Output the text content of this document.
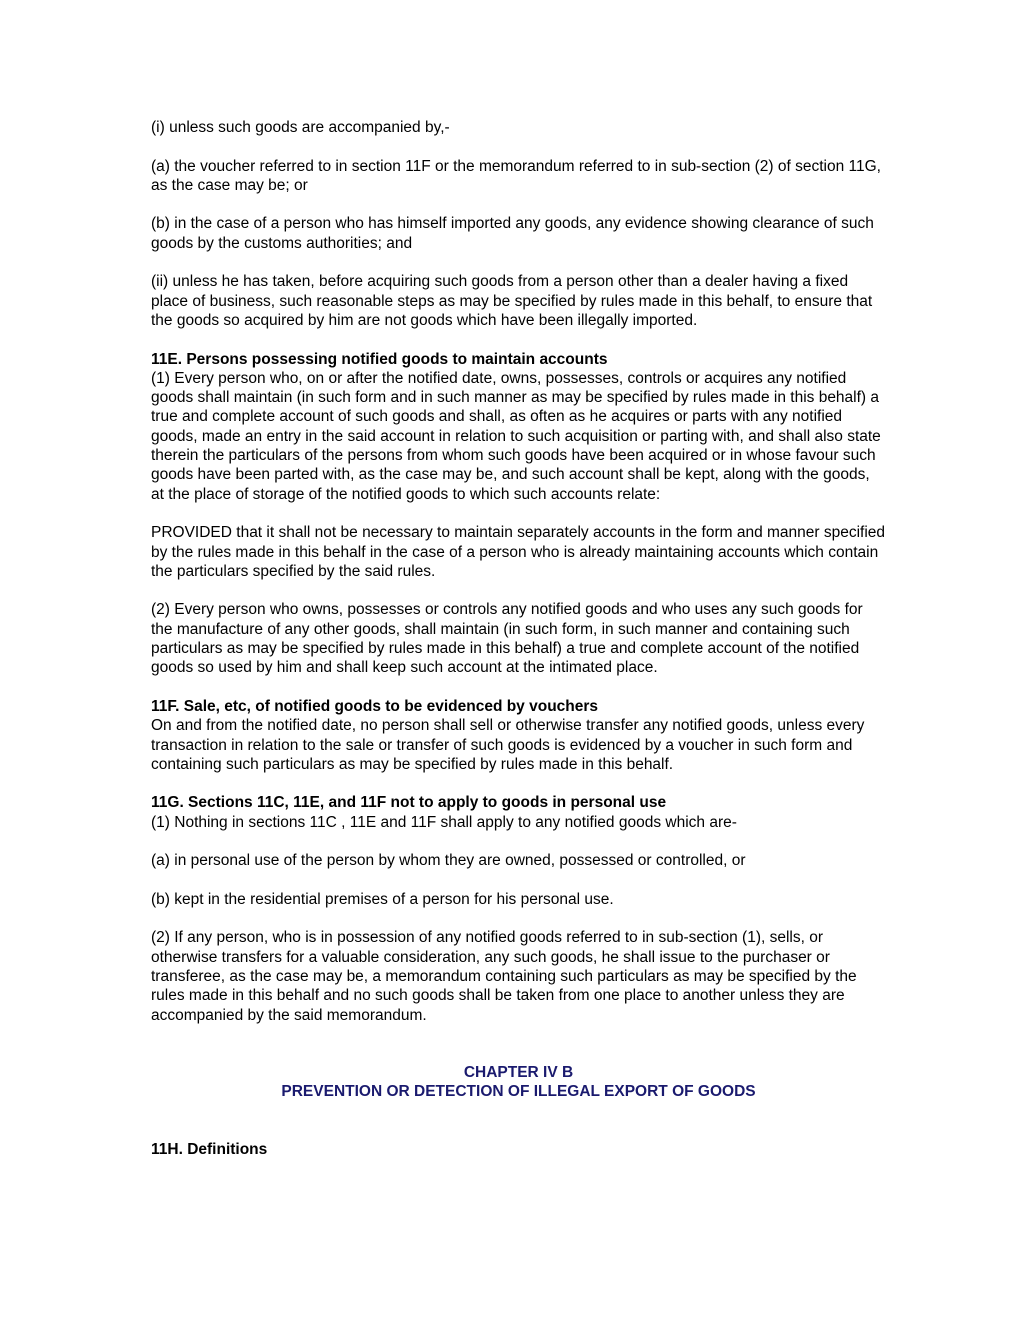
(i) unless such goods are accompanied by,-

(a) the voucher referred to in section 11F or the memorandum referred to in sub-section (2) of section 11G, as the case may be; or

(b) in the case of a person who has himself imported any goods, any evidence showing clearance of such goods by the customs authorities; and

(ii) unless he has taken, before acquiring such goods from a person other than a dealer having a fixed place of business, such reasonable steps as may be specified by rules made in this behalf, to ensure that the goods so acquired by him are not goods which have been illegally imported.

11E. Persons possessing notified goods to maintain accounts
(1) Every person who, on or after the notified date, owns, possesses, controls or acquires any notified goods shall maintain (in such form and in such manner as may be specified by rules made in this behalf) a true and complete account of such goods and shall, as often as he acquires or parts with any notified goods, made an entry in the said account in relation to such acquisition or parting with, and shall also state therein the particulars of the persons from whom such goods have been acquired or in whose favour such goods have been parted with, as the case may be, and such account shall be kept, along with the goods, at the place of storage of the notified goods to which such accounts relate:

PROVIDED that it shall not be necessary to maintain separately accounts in the form and manner specified by the rules made in this behalf in the case of a person who is already maintaining accounts which contain the particulars specified by the said rules.

(2) Every person who owns, possesses or controls any notified goods and who uses any such goods for the manufacture of any other goods, shall maintain (in such form, in such manner and containing such particulars as may be specified by rules made in this behalf) a true and complete account of the notified goods so used by him and shall keep such account at the intimated place.

11F. Sale, etc, of notified goods to be evidenced by vouchers
On and from the notified date, no person shall sell or otherwise transfer any notified goods, unless every transaction in relation to the sale or transfer of such goods is evidenced by a voucher in such form and containing such particulars as may be specified by rules made in this behalf.
11G. Sections 11C, 11E, and 11F not to apply to goods in personal use
(1) Nothing in sections 11C , 11E and 11F shall apply to any notified goods which are-

(a) in personal use of the person by whom they are owned, possessed or controlled, or

(b) kept in the residential premises of a person for his personal use.

(2) If any person, who is in possession of any notified goods referred to in sub-section (1), sells, or otherwise transfers for a valuable consideration, any such goods, he shall issue to the purchaser or transferee, as the case may be, a memorandum containing such particulars as may be specified by the rules made in this behalf and no such goods shall be taken from one place to another unless they are accompanied by the said memorandum.

CHAPTER IV B
PREVENTION OR DETECTION OF ILLEGAL EXPORT OF GOODS

11H. Definitions
